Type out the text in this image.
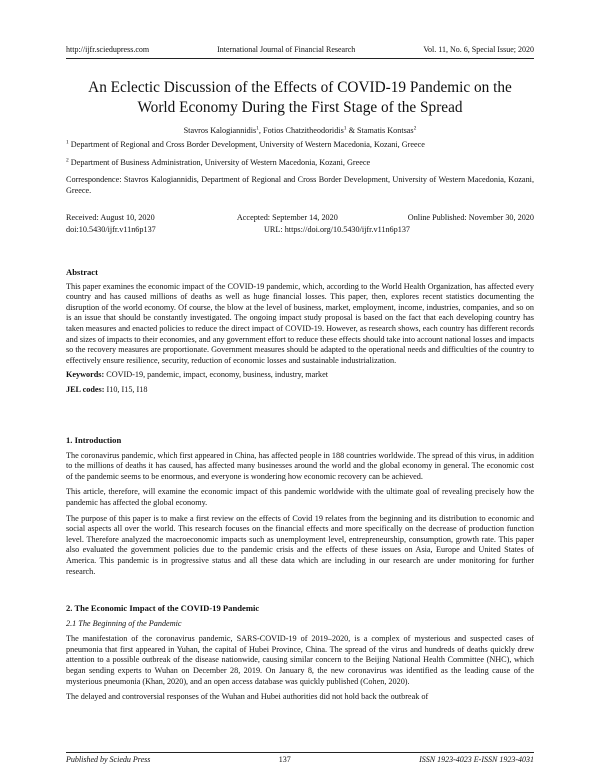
http://ijfr.sciedupress.com	International Journal of Financial Research	Vol. 11, No. 6, Special Issue; 2020
An Eclectic Discussion of the Effects of COVID-19 Pandemic on the
World Economy During the First Stage of the Spread
Stavros Kalogiannidis$^1$, Fotios Chatzitheodoridis$^1$ & Stamatis Kontsas$^2$

$^1$ Department of Regional and Cross Border Development, University of Western Macedonia, Kozani, Greece

$^2$ Department of Business Administration, University of Western Macedonia, Kozani, Greece

Correspondence: Stavros Kalogiannidis, Department of Regional and Cross Border Development, University of Western Macedonia, Kozani, Greece.

Received: August 10, 2020	Accepted: September 14, 2020	Online Published: November 30, 2020
doi:10.5430/ijfr.v11n6p137	URL: https://doi.org/10.5430/ijfr.v11n6p137
Abstract

This paper examines the economic impact of the COVID-19 pandemic, which, according to the World Health Organization, has affected every country and has caused millions of deaths as well as huge financial losses. This paper, then, explores recent statistics documenting the disruption of the world economy. Of course, the blow at the level of business, market, employment, income, industries, companies, and so on is an issue that should be constantly investigated. The ongoing impact study proposal is based on the fact that each developing country has taken measures and enacted policies to reduce the direct impact of COVID-19. However, as research shows, each country has different records and sizes of impacts to their economies, and any government effort to reduce these effects should take into account national losses and impacts so the recovery measures are proportionate. Government measures should be adapted to the operational needs and difficulties of the country to effectively ensure resilience, security, reduction of economic losses and sustainable industrialization.

Keywords: COVID-19, pandemic, impact, economy, business, industry, market

JEL codes: I10, I15, I18

1. Introduction

The coronavirus pandemic, which first appeared in China, has affected people in 188 countries worldwide. The spread of this virus, in addition to the millions of deaths it has caused, has affected many businesses around the world and the global economy in general. The economic cost of the pandemic seems to be enormous, and everyone is wondering how economic recovery can be achieved.

This article, therefore, will examine the economic impact of this pandemic worldwide with the ultimate goal of revealing precisely how the pandemic has affected the global economy.

The purpose of this paper is to make a first review on the effects of Covid 19 relates from the beginning and its distribution to economic and social aspects all over the world. This research focuses on the financial effects and more specifically on the decrease of production function level. Therefore analyzed the macroeconomic impacts such as unemployment level, entrepreneurship, consumption, growth rate. This paper also evaluated the government policies due to the pandemic crisis and the effects of these issues on Asia, Europe and United States of America. This pandemic is in progressive status and all these data which are including in our research are under monitoring for further research.

2. The Economic Impact of the COVID-19 Pandemic

2.1 The Beginning of the Pandemic

The manifestation of the coronavirus pandemic, SARS-COVID-19 of 2019–2020, is a complex of mysterious and suspected cases of pneumonia that first appeared in Yuhan, the capital of Hubei Province, China. The spread of the virus and hundreds of deaths quickly drew attention to a possible outbreak of the disease nationwide, causing similar concern to the Beijing National Health Committee (NHC), which began sending experts to Wuhan on December 28, 2019. On January 8, the new coronavirus was identified as the leading cause of the mysterious pneumonia (Khan, 2020), and an open access database was quickly published (Cohen, 2020).

The delayed and controversial responses of the Wuhan and Hubei authorities did not hold back the outbreak of

Published by Sciedu Press	137	ISSN 1923-4023 E-ISSN 1923-4031
